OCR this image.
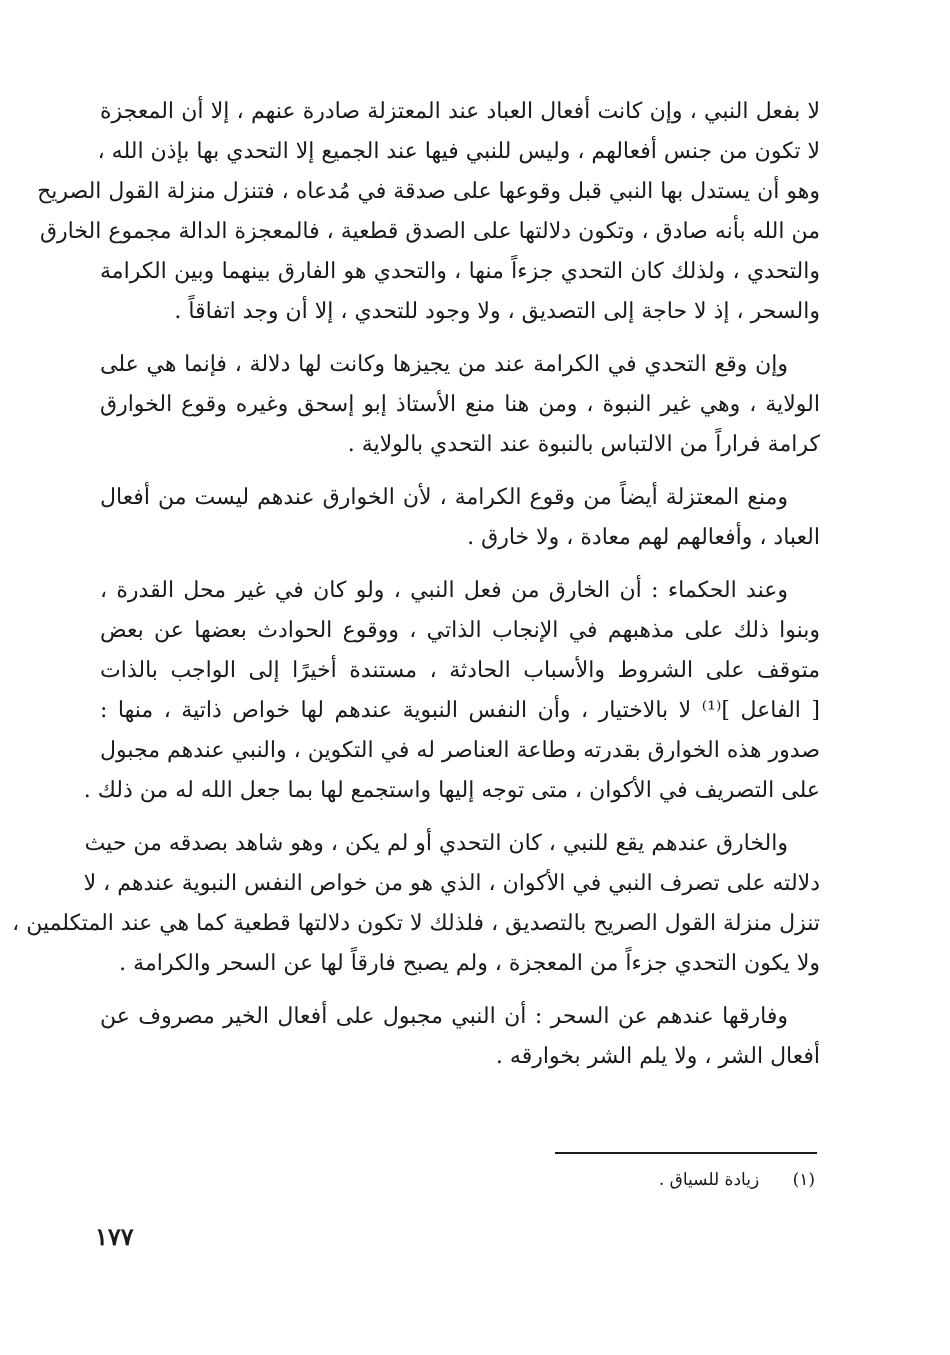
لا بفعل النبي ، وإن كانت أفعال العباد عند المعتزلة صادرة عنهم ، إلا أن المعجزة
لا تكون من جنس أفعالهم ، وليس للنبي فيها عند الجميع إلا التحدي بها بإذن الله ،
وهو أن يستدل بها النبي قبل وقوعها على صدقة في مُدعاه ، فتنزل منزلة القول الصريح
من الله بأنه صادق ، وتكون دلالتها على الصدق قطعية ، فالمعجزة الدالة مجموع الخارق
والتحدي ، ولذلك كان التحدي جزءاً منها ، والتحدي هو الفارق بينهما وبين الكرامة
والسحر ، إذ لا حاجة إلى التصديق ، ولا وجود للتحدي ، إلا أن وجد اتفاقاً .
وإن وقع التحدي في الكرامة عند من يجيزها وكانت لها دلالة ، فإنما هي على
الولاية ، وهي غير النبوة ، ومن هنا منع الأستاذ إبو إسحق وغيره وقوع الخوارق
كرامة فراراً من الالتباس بالنبوة عند التحدي بالولاية .
ومنع المعتزلة أيضاً من وقوع الكرامة ، لأن الخوارق عندهم ليست من أفعال
العباد ، وأفعالهم لهم معادة ، ولا خارق .
وعند الحكماء : أن الخارق من فعل النبي ، ولو كان في غير محل القدرة ،
وبنوا ذلك على مذهبهم في الإنجاب الذاتي ، ووقوع الحوادث بعضها عن بعض
متوقف على الشروط والأسباب الحادثة ، مستندة أخيرًا إلى الواجب بالذات
[ الفاعل ]⁽¹⁾ لا بالاختيار ، وأن النفس النبوية عندهم لها خواص ذاتية ، منها :
صدور هذه الخوارق بقدرته وطاعة العناصر له في التكوين ، والنبي عندهم مجبول
على التصريف في الأكوان ، متى توجه إليها واستجمع لها بما جعل الله له من ذلك .
والخارق عندهم يقع للنبي ، كان التحدي أو لم يكن ، وهو شاهد بصدقه من حيث
دلالته على تصرف النبي في الأكوان ، الذي هو من خواص النفس النبوية عندهم ، لا
تنزل منزلة القول الصريح بالتصديق ، فلذلك لا تكون دلالتها قطعية كما هي عند المتكلمين ،
ولا يكون التحدي جزءاً من المعجزة ، ولم يصبح فارقاً لها عن السحر والكرامة .
وفارقها عندهم عن السحر : أن النبي مجبول على أفعال الخير مصروف عن
أفعال الشر ، ولا يلم الشر بخوارقه .
(١) زيادة للسياق .
١٧٧
